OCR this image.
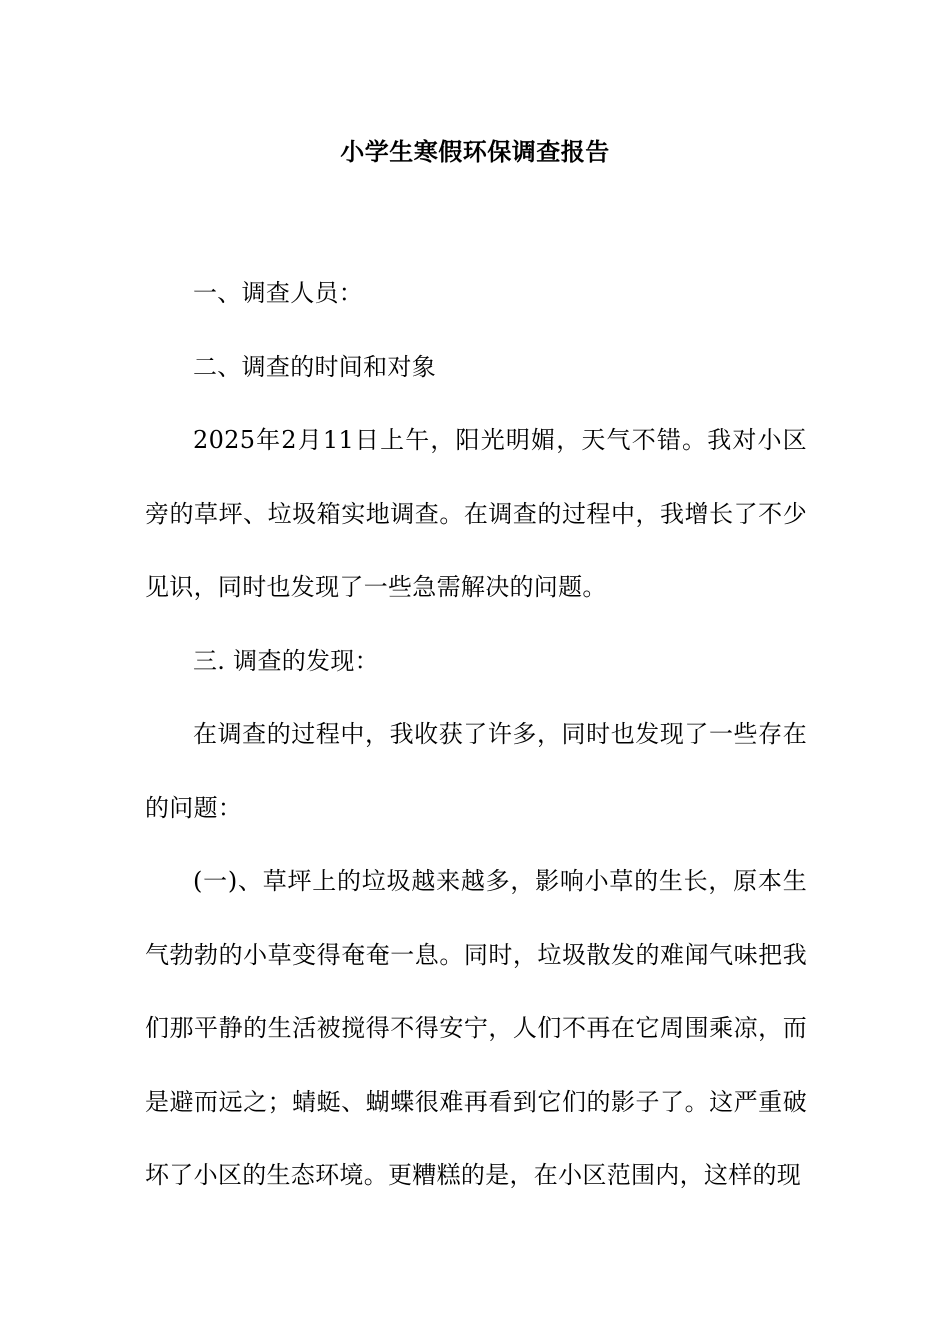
小学生寒假环保调查报告

一、调查人员：

二、调查的时间和对象

2025年2月11日上午，阳光明媚，天气不错。我对小区旁的草坪、垃圾箱实地调查。在调查的过程中，我增长了不少见识，同时也发现了一些急需解决的问题。

三. 调查的发现：

在调查的过程中，我收获了许多，同时也发现了一些存在的问题：

(一)、草坪上的垃圾越来越多，影响小草的生长，原本生气勃勃的小草变得奄奄一息。同时，垃圾散发的难闻气味把我们那平静的生活被搅得不得安宁，人们不再在它周围乘凉，而是避而远之；蜻蜓、蝴蝶很难再看到它们的影子了。这严重破坏了小区的生态环境。更糟糕的是，在小区范围内，这样的现
